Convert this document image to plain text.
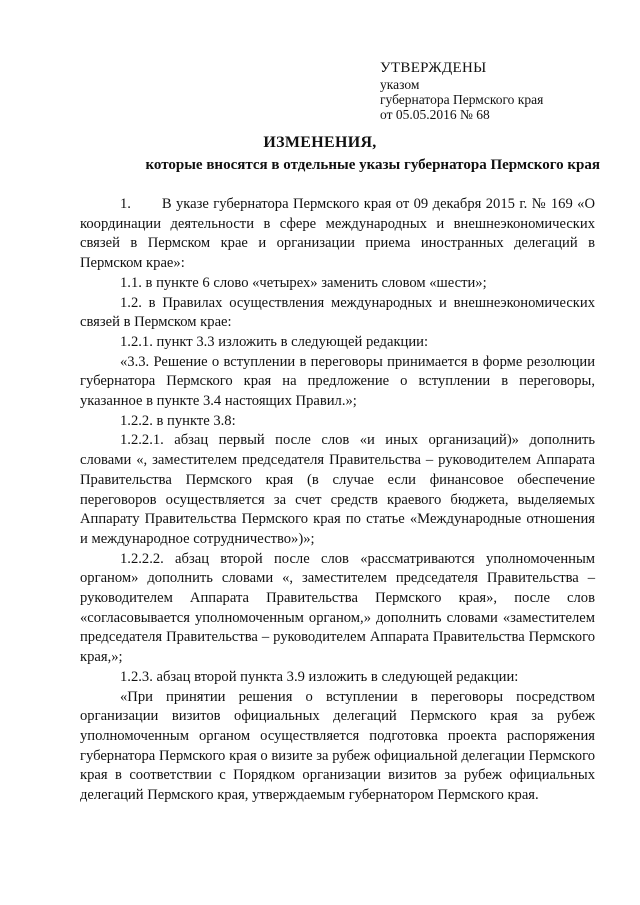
УТВЕРЖДЕНЫ
указом
губернатора Пермского края
от 05.05.2016 № 68
ИЗМЕНЕНИЯ,
которые вносятся в отдельные указы губернатора Пермского края

1.       В указе губернатора Пермского края от 09 декабря 2015 г. № 169 «О координации деятельности в сфере международных и внешнеэкономических связей в Пермском крае и организации приема иностранных делегаций в Пермском крае»:

1.1. в пункте 6 слово «четырех» заменить словом «шести»;

1.2. в Правилах осуществления международных и внешнеэкономических связей в Пермском крае:

1.2.1. пункт 3.3 изложить в следующей редакции:

«3.3. Решение о вступлении в переговоры принимается в форме резолюции губернатора Пермского края на предложение о вступлении в переговоры, указанное в пункте 3.4 настоящих Правил.»;

1.2.2. в пункте 3.8:

1.2.2.1. абзац первый после слов «и иных организаций)» дополнить словами «, заместителем председателя Правительства – руководителем Аппарата Правительства Пермского края (в случае если финансовое обеспечение переговоров осуществляется за счет средств краевого бюджета, выделяемых Аппарату Правительства Пермского края по статье «Международные отношения и международное сотрудничество»)»;

1.2.2.2. абзац второй после слов «рассматриваются уполномоченным органом» дополнить словами «, заместителем председателя Правительства – руководителем Аппарата Правительства Пермского края», после слов «согласовывается уполномоченным органом,» дополнить словами «заместителем председателя Правительства – руководителем Аппарата Правительства Пермского края,»;

1.2.3. абзац второй пункта 3.9 изложить в следующей редакции:

«При принятии решения о вступлении в переговоры посредством организации визитов официальных делегаций Пермского края за рубеж уполномоченным органом осуществляется подготовка проекта распоряжения губернатора Пермского края о визите за рубеж официальной делегации Пермского края в соответствии с Порядком организации визитов за рубеж официальных делегаций Пермского края, утверждаемым губернатором Пермского края.
